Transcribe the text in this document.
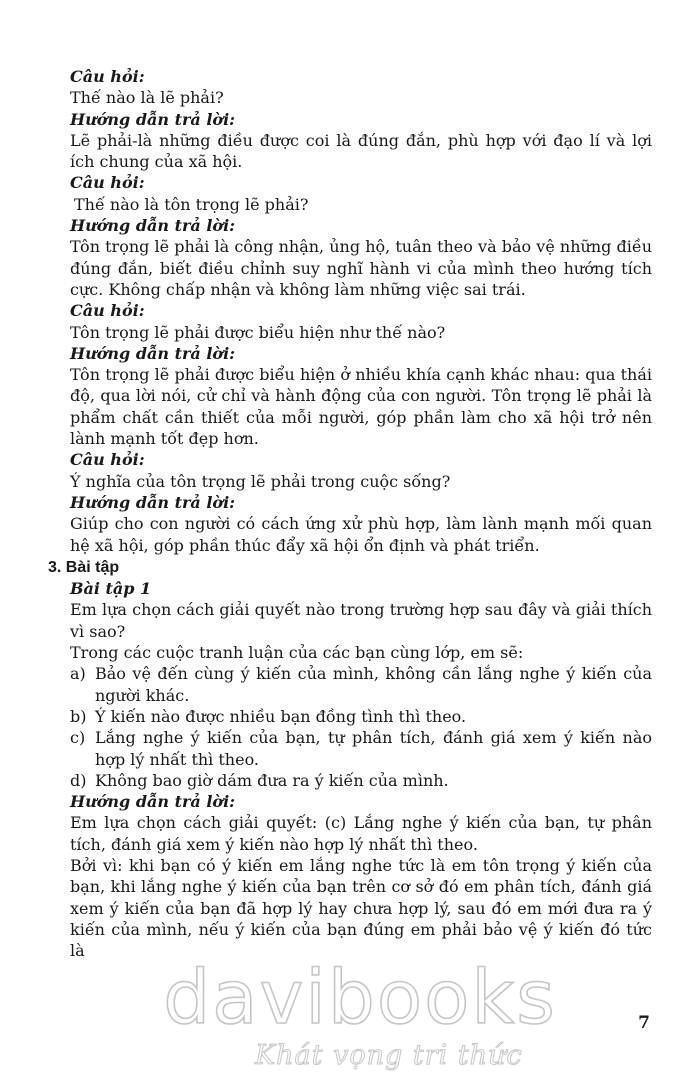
Câu hỏi:
Thế nào là lẽ phải?
Hướng dẫn trả lời:
Lẽ phải-là những điều được coi là đúng đắn, phù hợp với đạo lí và lợi ích chung của xã hội.
Câu hỏi:
Thế nào là tôn trọng lẽ phải?
Hướng dẫn trả lời:
Tôn trọng lẽ phải là công nhận, ủng hộ, tuân theo và bảo vệ những điều đúng đắn, biết điều chỉnh suy nghĩ hành vi của mình theo hướng tích cực. Không chấp nhận và không làm những việc sai trái.
Câu hỏi:
Tôn trọng lẽ phải được biểu hiện như thế nào?
Hướng dẫn trả lời:
Tôn trọng lẽ phải được biểu hiện ở nhiều khía cạnh khác nhau: qua thái độ, qua lời nói, cử chỉ và hành động của con người. Tôn trọng lẽ phải là phẩm chất cần thiết của mỗi người, góp phần làm cho xã hội trở nên lành mạnh tốt đẹp hơn.
Câu hỏi:
Ý nghĩa của tôn trọng lẽ phải trong cuộc sống?
Hướng dẫn trả lời:
Giúp cho con người có cách ứng xử phù hợp, làm lành mạnh mối quan hệ xã hội, góp phần thúc đẩy xã hội ổn định và phát triển.
3. Bài tập
Bài tập 1
Em lựa chọn cách giải quyết nào trong trường hợp sau đây và giải thích vì sao?
Trong các cuộc tranh luận của các bạn cùng lớp, em sẽ:
a) Bảo vệ đến cùng ý kiến của mình, không cần lắng nghe ý kiến của người khác.
b) Ý kiến nào được nhiều bạn đồng tình thì theo.
c) Lắng nghe ý kiến của bạn, tự phân tích, đánh giá xem ý kiến nào hợp lý nhất thì theo.
d) Không bao giờ dám đưa ra ý kiến của mình.
Hướng dẫn trả lời:
Em lựa chọn cách giải quyết: (c) Lắng nghe ý kiến của bạn, tự phân tích, đánh giá xem ý kiến nào hợp lý nhất thì theo.
Bởi vì: khi bạn có ý kiến em lắng nghe tức là em tôn trọng ý kiến của bạn, khi lắng nghe ý kiến của bạn trên cơ sở đó em phân tích, đánh giá xem ý kiến của bạn đã hợp lý hay chưa hợp lý, sau đó em mới đưa ra ý kiến của mình, nếu ý kiến của bạn đúng em phải bảo vệ ý kiến đó tức là
7
davibooks
Khát vọng tri thức
